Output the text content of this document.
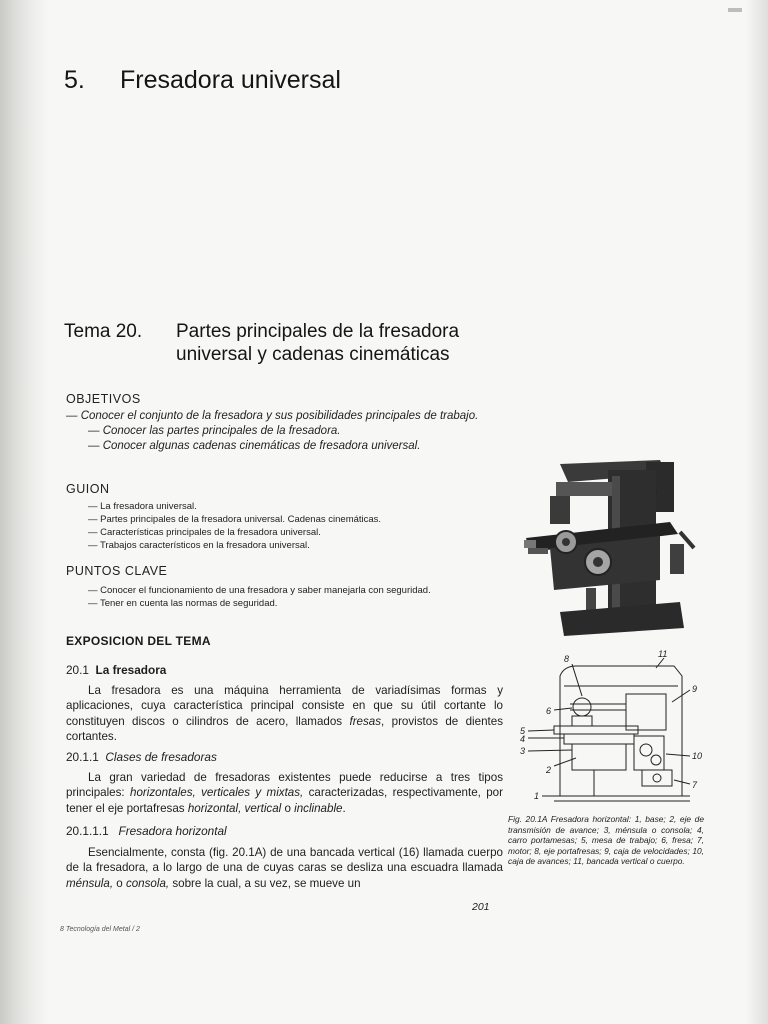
5. Fresadora universal
Tema 20. Partes principales de la fresadora universal y cadenas cinemáticas
OBJETIVOS

— Conocer el conjunto de la fresadora y sus posibilidades principales de trabajo.

— Conocer las partes principales de la fresadora.

— Conocer algunas cadenas cinemáticas de fresadora universal.

GUION
— La fresadora universal.
— Partes principales de la fresadora universal. Cadenas cinemáticas.
— Características principales de la fresadora universal.
— Trabajos característicos en la fresadora universal.
PUNTOS CLAVE
— Conocer el funcionamiento de una fresadora y saber manejarla con seguridad.
— Tener en cuenta las normas de seguridad.
EXPOSICION DEL TEMA
20.1 La fresadora

La fresadora es una máquina herramienta de variadísimas formas y aplicaciones, cuya característica principal consiste en que su útil cortante lo constituyen discos o cilindros de acero, llamados fresas, provistos de dientes cortantes.

20.1.1 Clases de fresadoras

La gran variedad de fresadoras existentes puede reducirse a tres tipos principales: horizontales, verticales y mixtas, caracterizadas, respectivamente, por tener el eje portafresas horizontal, vertical o inclinable.

20.1.1.1 Fresadora horizontal

Esencialmente, consta (fig. 20.1A) de una bancada vertical (16) llamada cuerpo de la fresadora, a lo largo de una de cuyas caras se desliza una escuadra llamada ménsula, o consola, sobre la cual, a su vez, se mueve un

8	11
9
6
5
4
3
2
10
7
1
Fig. 20.1A Fresadora horizontal: 1, base; 2, eje de transmisión de avance; 3, ménsula o consola; 4, carro portamesas; 5, mesa de trabajo; 6, fresa; 7, motor; 8, eje portafresas; 9, caja de velocidades; 10, caja de avances; 11, bancada vertical o cuerpo.
201
8 Tecnología del Metal / 2
